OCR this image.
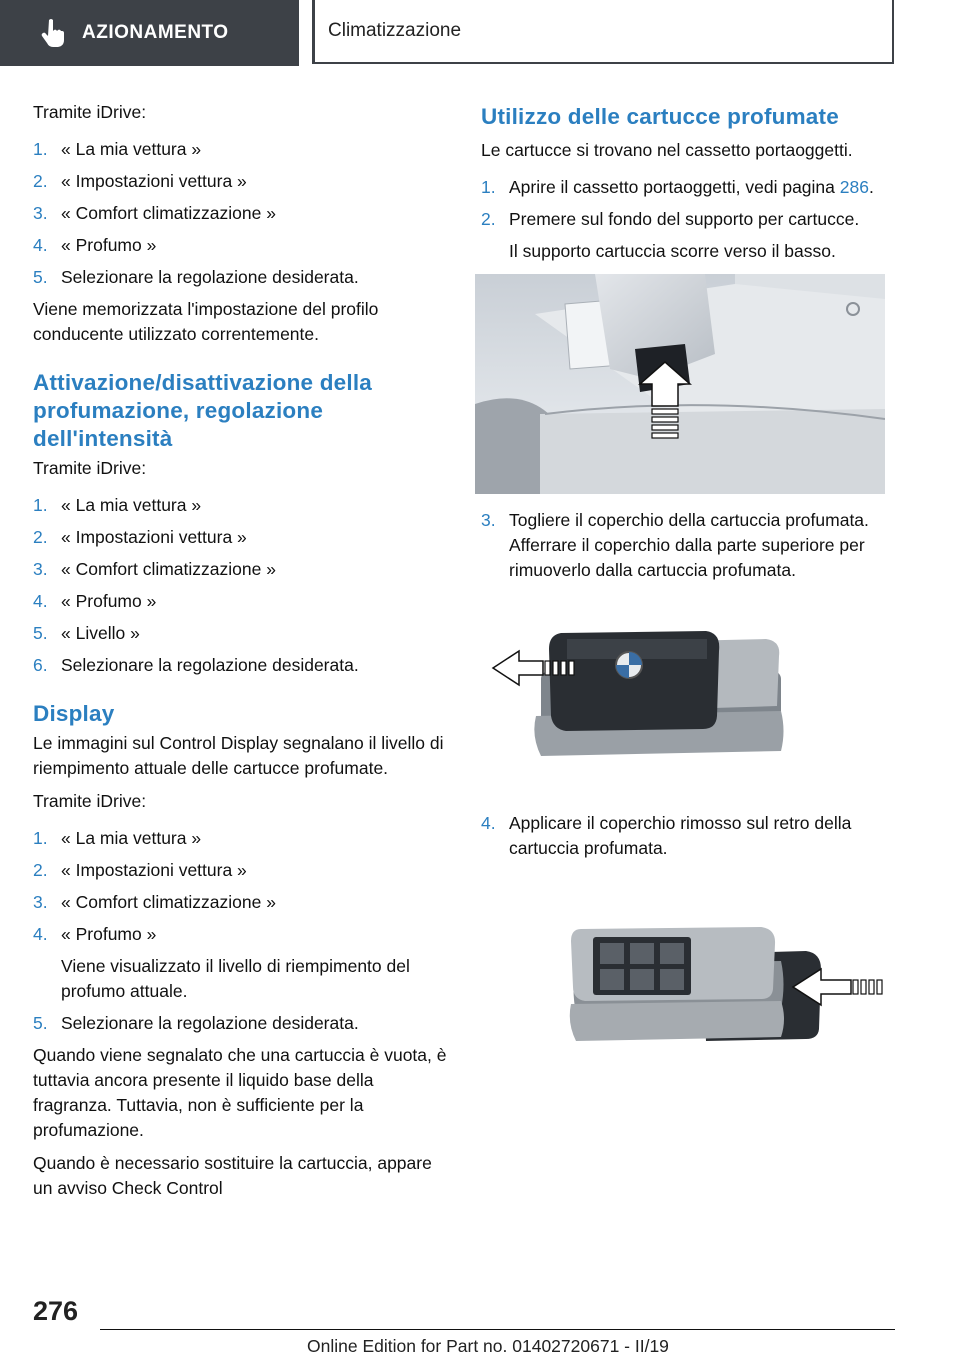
AZIONAMENTO	Climatizzazione

Tramite iDrive:

1. « La mia vettura »
2. « Impostazioni vettura »
3. « Comfort climatizzazione »
4. « Profumo »
5. Selezionare la regolazione desiderata.

Viene memorizzata l'impostazione del profilo conducente utilizzato correntemente.

Attivazione/disattivazione della profumazione, regolazione dell'intensità

Tramite iDrive:

1. « La mia vettura »
2. « Impostazioni vettura »
3. « Comfort climatizzazione »
4. « Profumo »
5. « Livello »
6. Selezionare la regolazione desiderata.
Display

Le immagini sul Control Display segnalano il livello di riempimento attuale delle cartucce profumate.

Tramite iDrive:

1. « La mia vettura »
2. « Impostazioni vettura »
3. « Comfort climatizzazione »
4. « Profumo »
Viene visualizzato il livello di riempimento del profumo attuale.
5. Selezionare la regolazione desiderata.

Quando viene segnalato che una cartuccia è vuota, è tuttavia ancora presente il liquido base della fragranza. Tuttavia, non è sufficiente per la profumazione.

Quando è necessario sostituire la cartuccia, appare un avviso Check Control

Utilizzo delle cartucce profumate

Le cartucce si trovano nel cassetto portaoggetti.

1. Aprire il cassetto portaoggetti, vedi pagina 286.
2. Premere sul fondo del supporto per cartucce.
Il supporto cartuccia scorre verso il basso.
3. Togliere il coperchio della cartuccia profumata. Afferrare il coperchio dalla parte superiore per rimuoverlo dalla cartuccia profumata.
4. Applicare il coperchio rimosso sul retro della cartuccia profumata.
276
Online Edition for Part no. 01402720671 - II/19
